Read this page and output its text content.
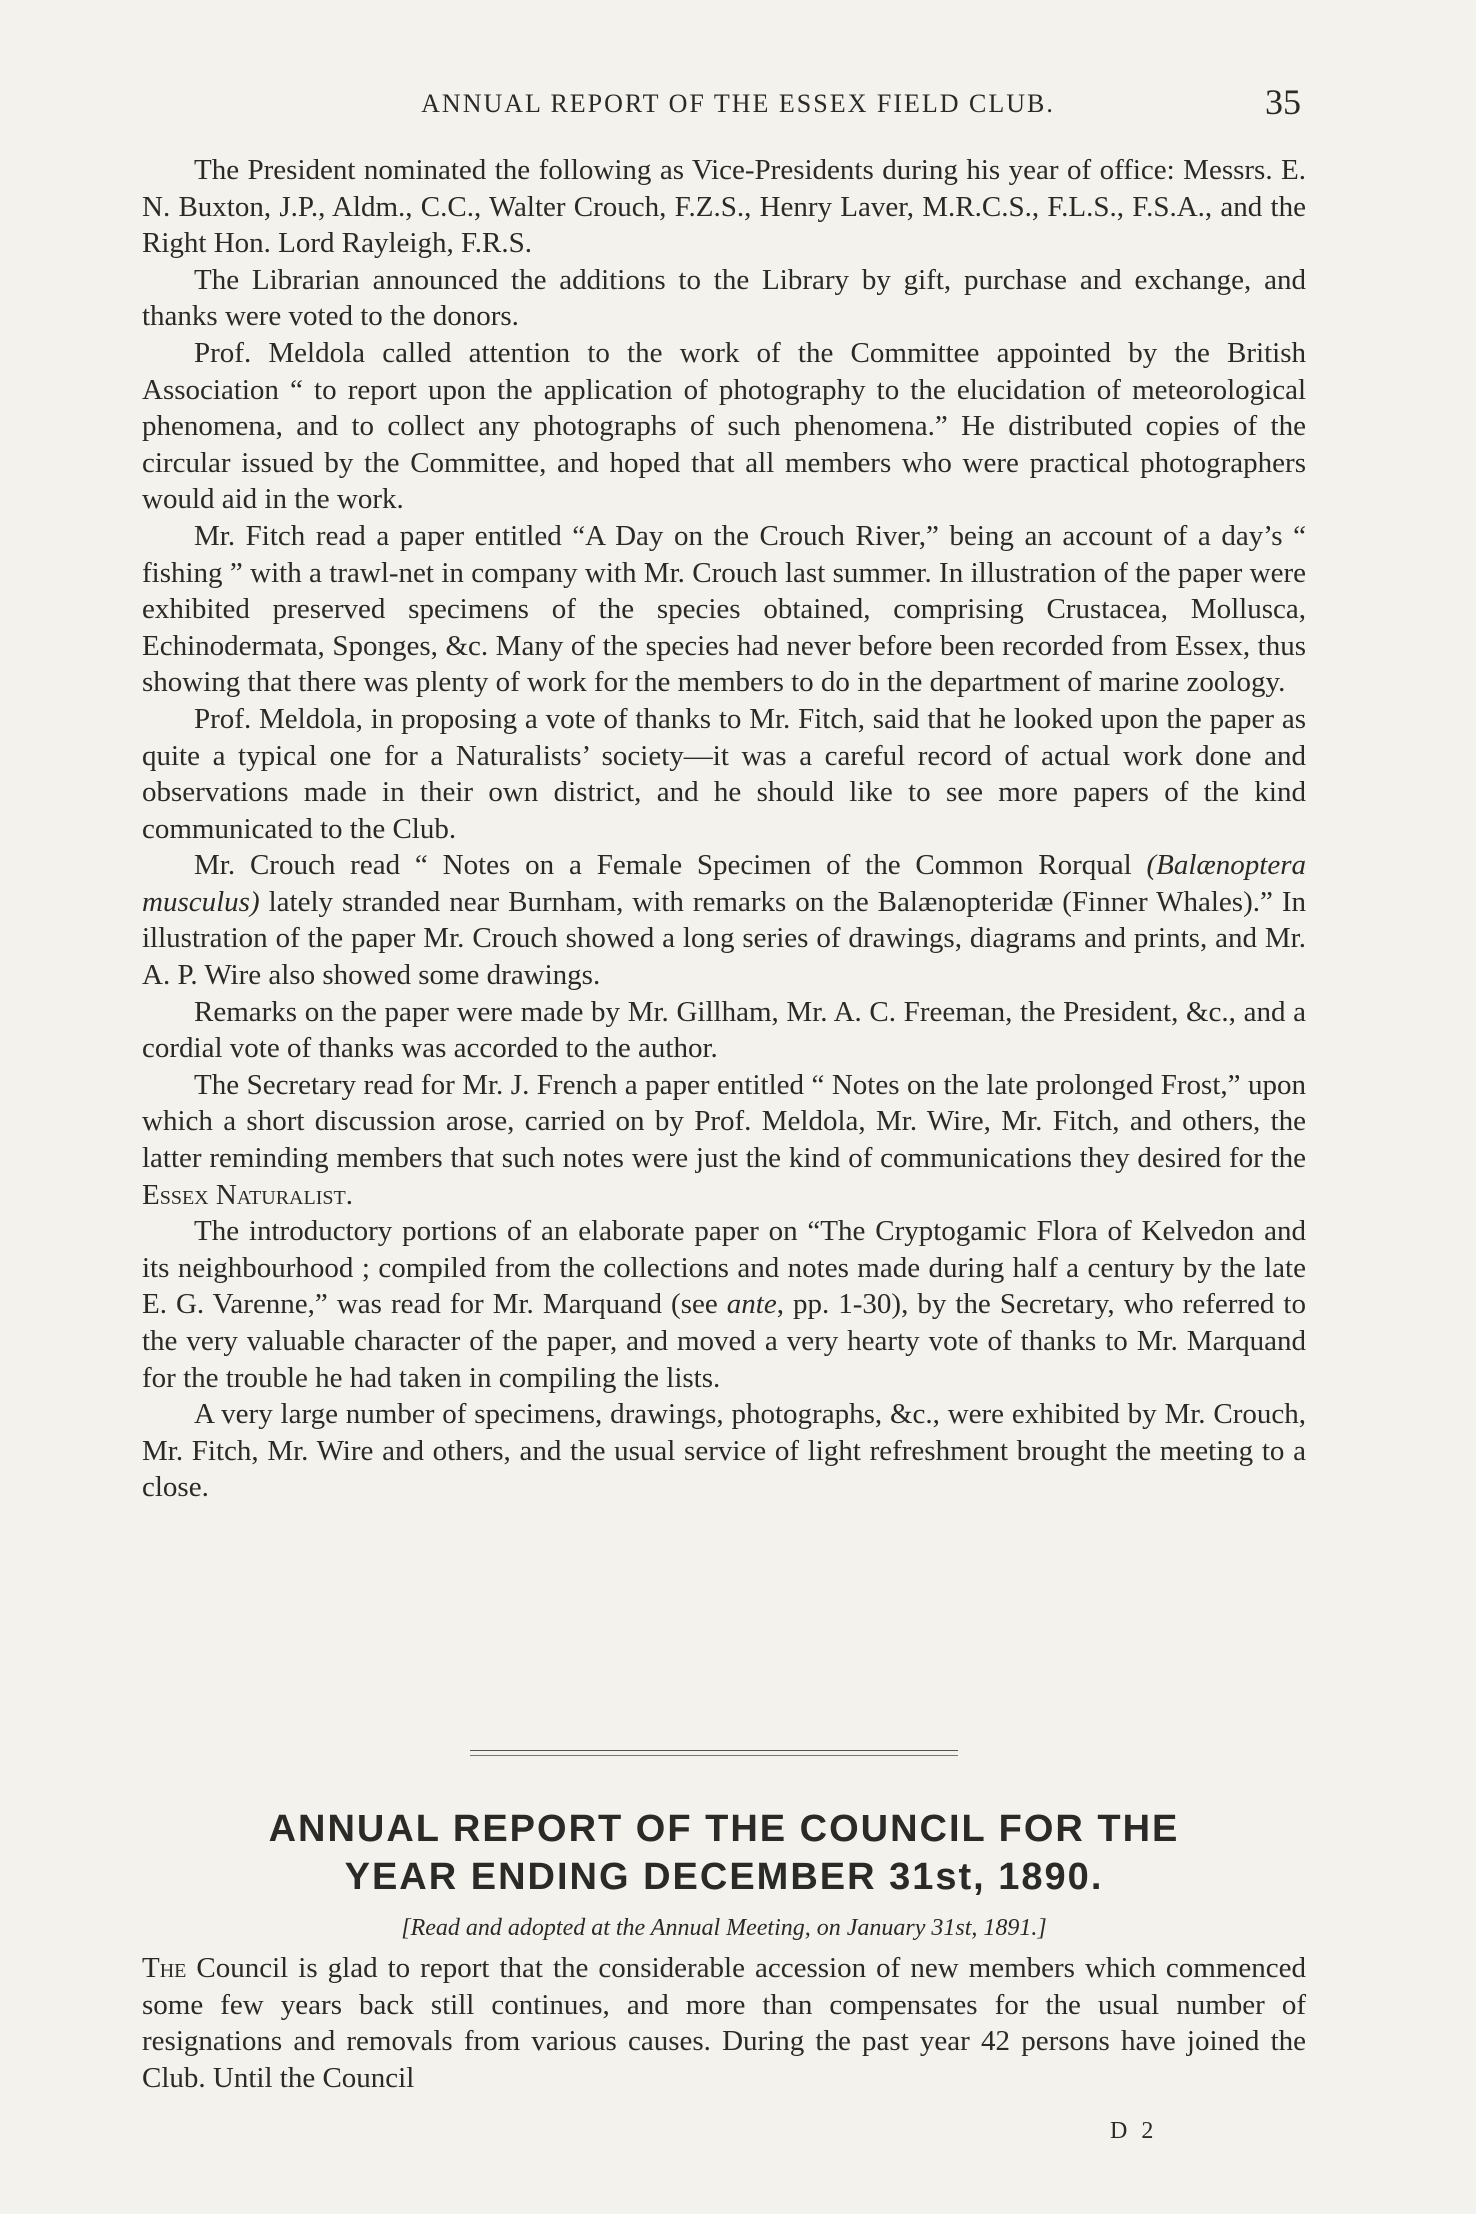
ANNUAL REPORT OF THE ESSEX FIELD CLUB.	35

The President nominated the following as Vice-Presidents during his year of office: Messrs. E. N. Buxton, J.P., Aldm., C.C., Walter Crouch, F.Z.S., Henry Laver, M.R.C.S., F.L.S., F.S.A., and the Right Hon. Lord Rayleigh, F.R.S.

The Librarian announced the additions to the Library by gift, purchase and exchange, and thanks were voted to the donors.

Prof. Meldola called attention to the work of the Committee appointed by the British Association “ to report upon the application of photography to the elucidation of meteorological phenomena, and to collect any photographs of such phenomena.” He distributed copies of the circular issued by the Committee, and hoped that all members who were practical photographers would aid in the work.

Mr. Fitch read a paper entitled “A Day on the Crouch River,” being an account of a day’s “ fishing ” with a trawl-net in company with Mr. Crouch last summer. In illustration of the paper were exhibited preserved specimens of the species obtained, comprising Crustacea, Mollusca, Echinodermata, Sponges, &c. Many of the species had never before been recorded from Essex, thus showing that there was plenty of work for the members to do in the department of marine zoology.

Prof. Meldola, in proposing a vote of thanks to Mr. Fitch, said that he looked upon the paper as quite a typical one for a Naturalists’ society—it was a careful record of actual work done and observations made in their own district, and he should like to see more papers of the kind communicated to the Club.

Mr. Crouch read “ Notes on a Female Specimen of the Common Rorqual (Balænoptera musculus) lately stranded near Burnham, with remarks on the Balænopteridæ (Finner Whales).” In illustration of the paper Mr. Crouch showed a long series of drawings, diagrams and prints, and Mr. A. P. Wire also showed some drawings.

Remarks on the paper were made by Mr. Gillham, Mr. A. C. Freeman, the President, &c., and a cordial vote of thanks was accorded to the author.

The Secretary read for Mr. J. French a paper entitled “ Notes on the late prolonged Frost,” upon which a short discussion arose, carried on by Prof. Meldola, Mr. Wire, Mr. Fitch, and others, the latter reminding members that such notes were just the kind of communications they desired for the Essex Naturalist.

The introductory portions of an elaborate paper on “The Cryptogamic Flora of Kelvedon and its neighbourhood ; compiled from the collections and notes made during half a century by the late E. G. Varenne,” was read for Mr. Marquand (see ante, pp. 1-30), by the Secretary, who referred to the very valuable character of the paper, and moved a very hearty vote of thanks to Mr. Marquand for the trouble he had taken in compiling the lists.

A very large number of specimens, drawings, photographs, &c., were exhibited by Mr. Crouch, Mr. Fitch, Mr. Wire and others, and the usual service of light refreshment brought the meeting to a close.

ANNUAL REPORT OF THE COUNCIL FOR THE
YEAR ENDING DECEMBER 31st, 1890.
[Read and adopted at the Annual Meeting, on January 31st, 1891.]

The Council is glad to report that the considerable accession of new members which commenced some few years back still continues, and more than compensates for the usual number of resignations and removals from various causes. During the past year 42 persons have joined the Club. Until the Council

D 2
